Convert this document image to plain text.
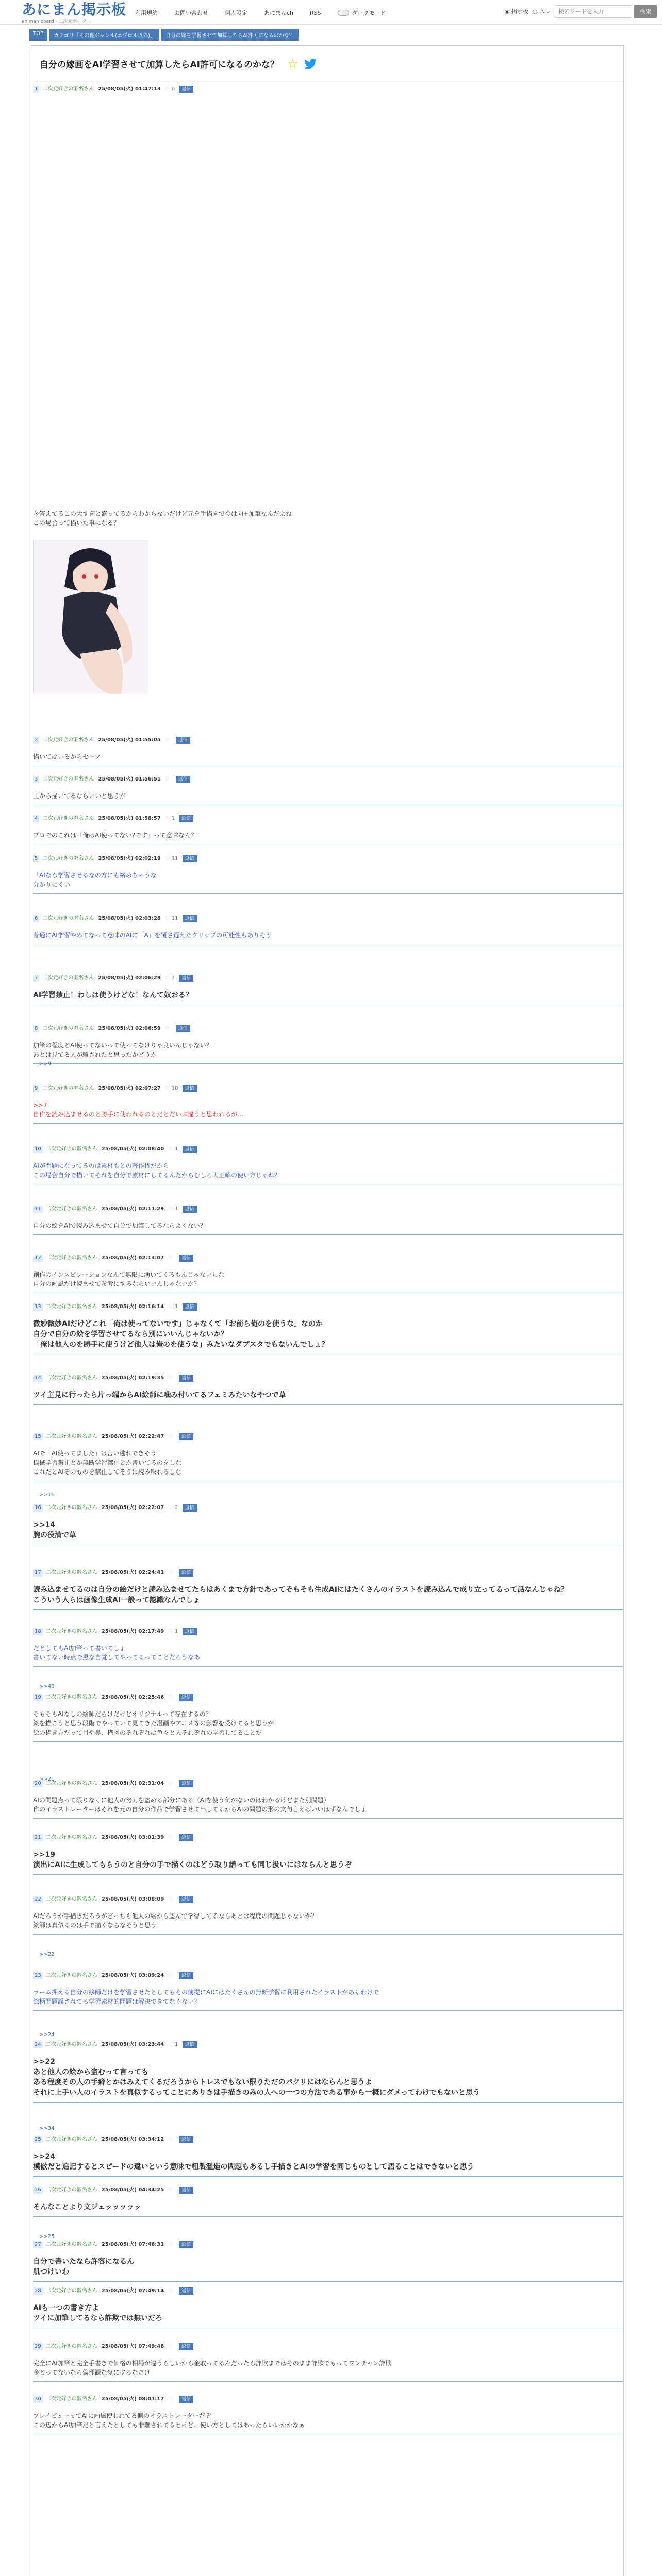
あにまん掲示板
animan board - 二次元ポータル
利用規約	お問い合わせ	個人設定	あにまんch	RSS	ダークモード	◉ 掲示板 ○ スレ
検索ワードを入力	検索
TOP	カテゴリ「その他ジャンル(ニプロル以外)」	自分の嫁を学習させて加算したらAI許可になるのかな？
自分の嫁画をAI学習させて加算したらAI許可になるのかな？ ☆
1 二次元好きの匿名さん 25/08/05(火) 01:47:13 ♡ 0	返信
今答えてるこの大すぎと盛ってるからわからないだけど元を手描きで今は向+加筆なんだよね
この場合って描いた事になる？
2 二次元好きの匿名さん 25/08/05(火) 01:55:05 ♡	返信
描いてはいるからセーフ
3 二次元好きの匿名さん 25/08/05(火) 01:56:51 ♡	返信
上から描いてるならいいと思うが
4 二次元好きの匿名さん 25/08/05(火) 01:58:57 ♡ 1	返信
プロでのこれは「俺はAI使ってない?です」って意味なん？
5 二次元好きの匿名さん 25/08/05(火) 02:02:19 ♡ 11	返信
「AIなら学習させるなの方にも絡めちゃうな
分かりにくい
6 二次元好きの匿名さん 25/08/05(火) 02:03:28 ♡ 11	返信
普通にAI学習やめてなって意味のAIに「A」を覆さ選えたクリップの可能性もありそう
7 二次元好きの匿名さん 25/08/05(火) 02:06:29 ♡ 1	返信
AI学習禁止！わしは使うけどな！なんて奴おる？
8 二次元好きの匿名さん 25/08/05(火) 02:06:59 ♡	返信
加筆の程度とAI使ってないって使ってなけりゃ良いんじゃない？
あとは見てる人が騙されたと思ったかどうか
9 二次元好きの匿名さん 25/08/05(火) 02:07:27 ♡ 10	返信
>>7
自作を読み込ませるのと勝手に使われるのとだとだいぶ違うと思われるが…
10 二次元好きの匿名さん 25/08/05(火) 02:08:40 ♡ 1	返信
AIが問題になってるのは素材もとの著作権だから
この場合自分で描いてそれを自分で素材にしてるんだからむしろ大正解の使い方じゃね？
11 二次元好きの匿名さん 25/08/05(火) 02:11:29 ♡ 1	返信
自分の絵をAIで読み込ませて自分で加筆してるならよくない？
12 二次元好きの匿名さん 25/08/05(火) 02:13:07 ♡	返信
創作のインスピレーションなんて無限に湧いてくるもんじゃないしな
自分の画風だけ読ませて参考にするならいいんじゃないか？
13 二次元好きの匿名さん 25/08/05(火) 02:16:14 ♡ 1	返信
微妙微妙AIだけどこれ「俺は使ってないです」じゃなくて「お前ら俺のを使うな」なのか
自分で自分の絵を学習させてるなら別にいいんじゃないか？
「俺は他人のを勝手に使うけど他人は俺のを使うな」みたいなダブスタでもないんでしょ？
14 二次元好きの匿名さん 25/08/05(火) 02:19:35 ♡	返信
ツイ主見に行ったら片っ端からAI絵師に噛み付いてるフェミみたいなやつで草
15 二次元好きの匿名さん 25/08/05(火) 02:22:47 ♡	返信
AIで「AI使ってました」は言い逃れできそう
機械学習禁止とか無断学習禁止とか書いてるのをしな
これだとAIそのものを禁止してそうに読み取れるしな
16 二次元好きの匿名さん 25/08/05(火) 02:22:07 ♡ 2	返信
>>14
腕の役満で草
17 二次元好きの匿名さん 25/08/05(火) 02:24:41 ♡	返信
読み込ませてるのは自分の絵だけと読み込ませてたらはあくまで方針であってそもそも生成AIにはたくさんのイラストを読み込んで成り立ってるって話なんじゃね？
こういう人らは画像生成AI一般って認識なんでしょ
18 二次元好きの匿名さん 25/08/05(火) 02:17:49 ♡ 1	返信
だとしてもAI加筆って書いてしょ
書いてない時点で黒な自覚してやってるってことだろうなあ
19 二次元好きの匿名さん 25/08/05(火) 02:25:46 ♡	返信
そもそもAIなしの絵師だらけだけどオリジナルって存在するの？
絵を描こうと思う段階でやっていて見てきた漫画やアニメ等の影響を受けてると思うが
絵の描き方だって目や鼻、構図のそれぞれは色々と人それぞれの学習してることだ
20 二次元好きの匿名さん 25/08/05(火) 02:31:04 ♡	返信
AIの問題点って限りなくに他人の努力を盗める部分にある（AIを使う気がないのはわかるけどまた別問題）
作のイラストレーターはそれを元の自分の作品で学習させて出してるからAIの問題の形の文句言えばいいはずなんでしょ
21 二次元好きの匿名さん 25/08/05(火) 03:01:39 ♡	返信
>>19
演出にAIに生成してもらうのと自分の手で描くのはどう取り繕っても同じ扱いにはならんと思うぞ
22 二次元好きの匿名さん 25/08/05(火) 03:08:09 ♡	返信
AIだろうが手描きだろうがどっちも他人の絵から盗んで学習してるならあとは程度の問題じゃないか？
絵師は真似るのは手で描くならなそうと思う
23 二次元好きの匿名さん 25/08/05(火) 03:09:24 ♡	返信
ラーム押える自分の絵師だけを学習させたとしてもその前提にAIにはたくさんの無断学習に利用されたイラストがあるわけで
絵柄問題誤されてる学習素材的問題は解決できてなくない？
24 二次元好きの匿名さん 25/08/05(火) 03:23:44 ♡ 1	返信
>>22
あと他人の絵から盗むって言っても
ある程度その人の手癖とかはみえてくるだろうからトレスでもない限りただのパクリにはならんと思うよ
それに上手い人のイラストを真似するってことにありきは手描きのみの人への一つの方法である事から一概にダメってわけでもないと思う
25 二次元好きの匿名さん 25/08/05(火) 03:34:12 ♡	返信
>>24
模倣だと追記するとスピードの違いという意味で粗製濫造の問題もあるし手描きとAIの学習を同じものとして語ることはできないと思う
26 二次元好きの匿名さん 25/08/05(火) 04:34:25 ♡	返信
そんなことより文ジェッッッッッ
27 二次元好きの匿名さん 25/08/05(火) 07:46:31 ♡	返信
自分で書いたなら許容になるん
肌つけいわ
28 二次元好きの匿名さん 25/08/05(火) 07:49:14 ♡	返信
AIも一つの書き方よ
ツイに加筆してるなら詐欺では無いだろ
29 二次元好きの匿名さん 25/08/05(火) 07:49:48 ♡	返信
完全にAI加筆と完全手書きで価格の相場が違うらしいから金取ってるんだったら詐欺まではそのまま詐欺でもってワンチャン詐欺
金とってないなら倫理観な気にするなだけ
30 二次元好きの匿名さん 25/08/05(火) 08:01:17 ♡	返信
ブレイビューってAIに画風使われてる側のイラストレーターだぞ
この辺からAI加筆だと言えたとしても非難されてるとけど、使い方としてはあったらいいかかなぁ
>>9
>>16
>>40
>>21
>>22
>>24
>>34
>>25
